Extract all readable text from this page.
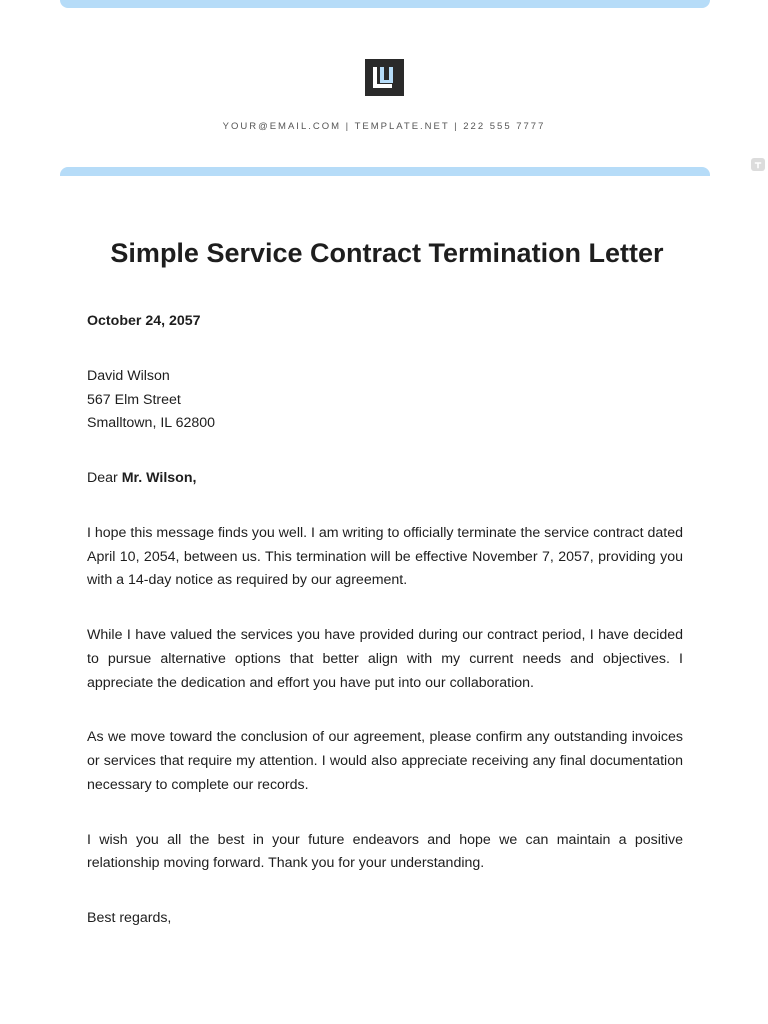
YOUR@EMAIL.COM | TEMPLATE.NET | 222 555 7777
Simple Service Contract Termination Letter
October 24, 2057
David Wilson
567 Elm Street
Smalltown, IL 62800
Dear Mr. Wilson,
I hope this message finds you well. I am writing to officially terminate the service contract dated April 10, 2054, between us. This termination will be effective November 7, 2057, providing you with a 14-day notice as required by our agreement.
While I have valued the services you have provided during our contract period, I have decided to pursue alternative options that better align with my current needs and objectives. I appreciate the dedication and effort you have put into our collaboration.
As we move toward the conclusion of our agreement, please confirm any outstanding invoices or services that require my attention. I would also appreciate receiving any final documentation necessary to complete our records.
I wish you all the best in your future endeavors and hope we can maintain a positive relationship moving forward. Thank you for your understanding.
Best regards,
